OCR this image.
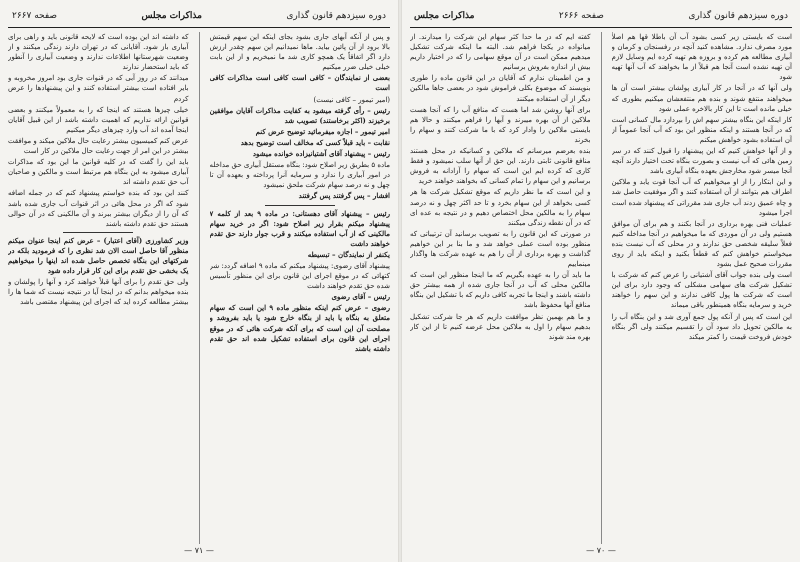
دوره سیزدهم قانون گذاری
مذاکرات مجلس
صفحه ۲۶۶۷

و پس از آنکه آبهای جاری بشود بجای اینکه این سهم قیمتش بالا برود از آن پائین بیاید. ماها نمیدانیم این سهم چقدر ارزش دارد اگر اتفاقاً یک همچو کاری شد ما نمیخریم و از این بابت خیلی خیلی ضرر میکنیم

بعضی از نمایندگان – کافی است کافی است مذاکرات کافی است

(امیر تیمور – کافی نیست)

رئیس – رأی گرفته میشود به کفایت مذاکرات آقایان موافقین برخیزند (اکثر برخاستند) تصویب شد

امیر تیمور – اجازه میفرمائید توضیح عرض کنم

نقابت – باید قبلاً کسی که مخالف است توضیح بدهد

رئیس – پیشنهاد آقای آشتیانیزاده خوانده میشود

ماده ۵ بطریق زیر اصلاح شود: بنگاه مستقل آبیاری حق مداخله در امور آبیاری را ندارد و سرمایه آنرا پرداخته و بعهده آن تا چهل و نه درصد سهام شرکت ملحق نمیشود

افشار – پس گرفتند پس گرفتند

رئیس – پیشنهاد آقای دهستانی: در ماده ۹ بعد از کلمه ۷ پیشنهاد میکنم بقرار زیر اصلاح شود: اگر در خرید سهام مالکینی که از آب استفاده میکنند و قرب جوار دارند حق تقدم خواهند داشت

یکنفر از نمایندگان – تبسیطه

پیشنهاد آقای رضوی: پیشنهاد میکنم که ماده ۹ اضافه گردد: شر کتهائی که در موقع اجرای این قانون برای این منظور تأسیس شده حق تقدم خواهند داشت

رئیس – آقای رضوی

رضوی – عرض کنم اینکه منظور ماده ۹ این است که سهام متعلق به بنگاه یا باید از بنگاه خارج شود یا باید بفروشد و مصلحت آن این است که برای آنکه شرکت هائی که در موقع اجرای این قانون برای استفاده تشکیل شده اند حق تقدم داشته باشند

که داشته اند این بوده است که لایحه قانونی باید و راهی برای آبیاری باز شود. آقایانی که در تهران دارند زندگی میکنند و از وضعیت شهرستانها اطلاعات ندارند و وضعیت آبیاری را آنطور که باید استحضار ندارند

میدانند که در روز آبی که در قنوات جاری بود امروز مخروبه و بایر افتاده است بیشتر استفاده کنند و این پیشنهادها را عرض کردم

خیلی چیزها هستند که اینجا که را به معمولاً میکنند و بعضی قوانین ارائه نداریم که اهمیت داشته باشد از این قبیل آقایان اینجا آمده اند آب وارد چیزهای دیگر میکنیم

عرض کنم کمیسیون بیشتر رعایت حال ملاکین میکند و موافقت بیشتر در این امر از جهت رعایت حال ملاکین در کار است

باید این را گفت که در کلیه قوانین ما این بود که مذاکرات آبیاری میشود به این بنگاه هم مرتبط است و مالکین و صاحبان آب حق تقدم داشته اند

کنند این بود که بنده خواستم پیشنهاد کنم که در جمله اضافه شود که اگر در محل هائی در اثر قنوات آب جاری شده باشد که آن را از دیگران بیشتر ببرند و آن مالکینی که در آن حوالی هستند حق تقدم داشته باشند

وزیر کشاورزی (آقای اعتبار) – عرض کنم اینجا عنوان میکنم منظور آقا حاصل است الان شد نظری را که فرمودید بلکه در شرکتهای این بنگاه تخصص حاصل شده اند اینها را میخواهیم یک بخشی حق تقدم برای این کار قرار داده شود

ولی حق تقدم را برای آنها قبلاً خواهند کرد و آنها را پولشان و بنده میخواهم بدانم که در اینجا آیا در نتیجه نیست که شما ها را بیشتر مطالعه کرده اید که اجرای این پیشنهاد مقتضی باشد

— ۷۱ —
دوره سیزدهم قانون گذاری
صفحه ۲۶۶۶
مذاکرات مجلس

است که بایستی زیر کسی بشود آب آن باطلا قها هم اصلاً مورد مصرف ندارد. مشاهده کنید آنچه در رفسنجان و کرمان و آبیاری مطالعه هم کرده و بروزه هم تهیه کرده ایم وسایل لازم آن تهیه نشده است آنجا هم قبلاً از ما بخواهند که آب آنها تهیه شود

ولی آنها که در آنجا در کار آبیاری پولشان بیشتر است آن ها میخواهند منتفع شوند و بنده هم منتفعشان میکنیم بطوری که خیلی مانده است تا این کار بالاخره عملی شود

کار اینکه این بنگاه بیشتر سهم اش را بپردازد مال کسانی است که در آنجا هستند و اینکه منظور این بود که آب آنجا عموماً از آن استفاده بشود خواهش میکنم

و از آنها خواهش کنیم که این پیشنهاد را قبول کنند که در سر زمین هائی که آب نیست و بصورت بنگاه تحت اختیار دارند آنچه آنجا میسر شود مخارجش بعهده بنگاه آبیاری باشد

و این ابتکار را از او میخواهیم که آب آنجا قوت یابد و ملاکین اطراف هم بتوانند از آن استفاده کنند و اگر موفقیت حاصل شد و چاه عمیق زدند آب جاری شد مقرراتی که پیشنهاد شده است اجرا میشود

عملیات فنی بهره برداری در آنجا بکنند و هم برای آن موافق هستیم ولی در آن موردی که ما میخواهیم در آنجا مداخله کنیم فعلاً سلیقه شخصی حق ندارند و در محلی که آب نیست بنده میخواستم خواهش کنم که قطعاً بکنید و اینکه باید از روی مقررات صحیح عمل بشود

است ولی بنده جواب آقای آشتیانی را عرض کنم که شرکت با تشکیل شرکت های سهامی مشکلی که وجود دارد برای این است که شرکت ها پول کافی ندارند و این سهم را خواهند خرید و سرمایه بنگاه همینطور باقی میماند

این است که پس از آنکه پول جمع آوری شد و این بنگاه آب را به مالکین تحویل داد سود آن را تقسیم میکنند ولی اگر بنگاه خودش فروخت قیمت را کمتر میکند

کفته ایم که در ما حدا کثر سهام این شرکت را میدارند. از میانواده در یکجا فراهم شد. البته ما اینکه شرکت تشکیل میدهیم ممکن است در آن موقع سهامی را که در اختیار داریم بیش از اندازه بفروش برسانیم

و من اطمینان ندارم که آقایان در این قانون ماده را طوری بنویسند که موضوع بکلی فراموش شود در بعضی جاها مالکین دیگر از آن استفاده میکنند

برای آنها روشن شد اما هست که منافع آب را که آنجا هست ملاکین از آن بهره میبرند و آبها را فراهم میکنند و حالا هم بایستی ملاکین را وادار کرد که با ما شرکت کنند و سهام را بخرند

بنده بعرضم میرسانم که ملاکین و کسانیکه در محل هستند منافع قانونی ثابتی دارند. این حق از آنها سلب نمیشود و فقط کاری که کرده ایم این است که سهام را آزادانه به فروش برسانیم و این سهام را تمام کسانی که بخواهند خواهند خرید

و این است که ما نظر داریم که موقع تشکیل شرکت ها هر کسی بخواهد از این سهام بخرد و تا حد اکثر چهل و نه درصد سهام را به مالکین محل اختصاص دهیم و در نتیجه به عده ای که در آن نقطه زندگی میکنند

در صورتی که این قانون را به تصویب برسانید آن ترتیباتی که منظور بوده است عملی خواهد شد و ما بنا بر این خواهیم گذاشت و بهره برداری از آن را هم به عهده شرکت ها واگذار مینماییم

ما باید آن را به عهده بگیریم که ما اینجا منظور این است که مالکین محلی که آب در آنجا جاری شده از همه بیشتر حق داشته باشند و اینجا ما تجربه کافی داریم که با تشکیل این بنگاه منافع آنها محفوظ باشد

و ما هم بهمین نظر موافقت داریم که هر جا شرکت تشکیل بدهیم سهام را اول به ملاکین محل عرضه کنیم تا از این کار بهره مند شوند

— ۷۰ —
